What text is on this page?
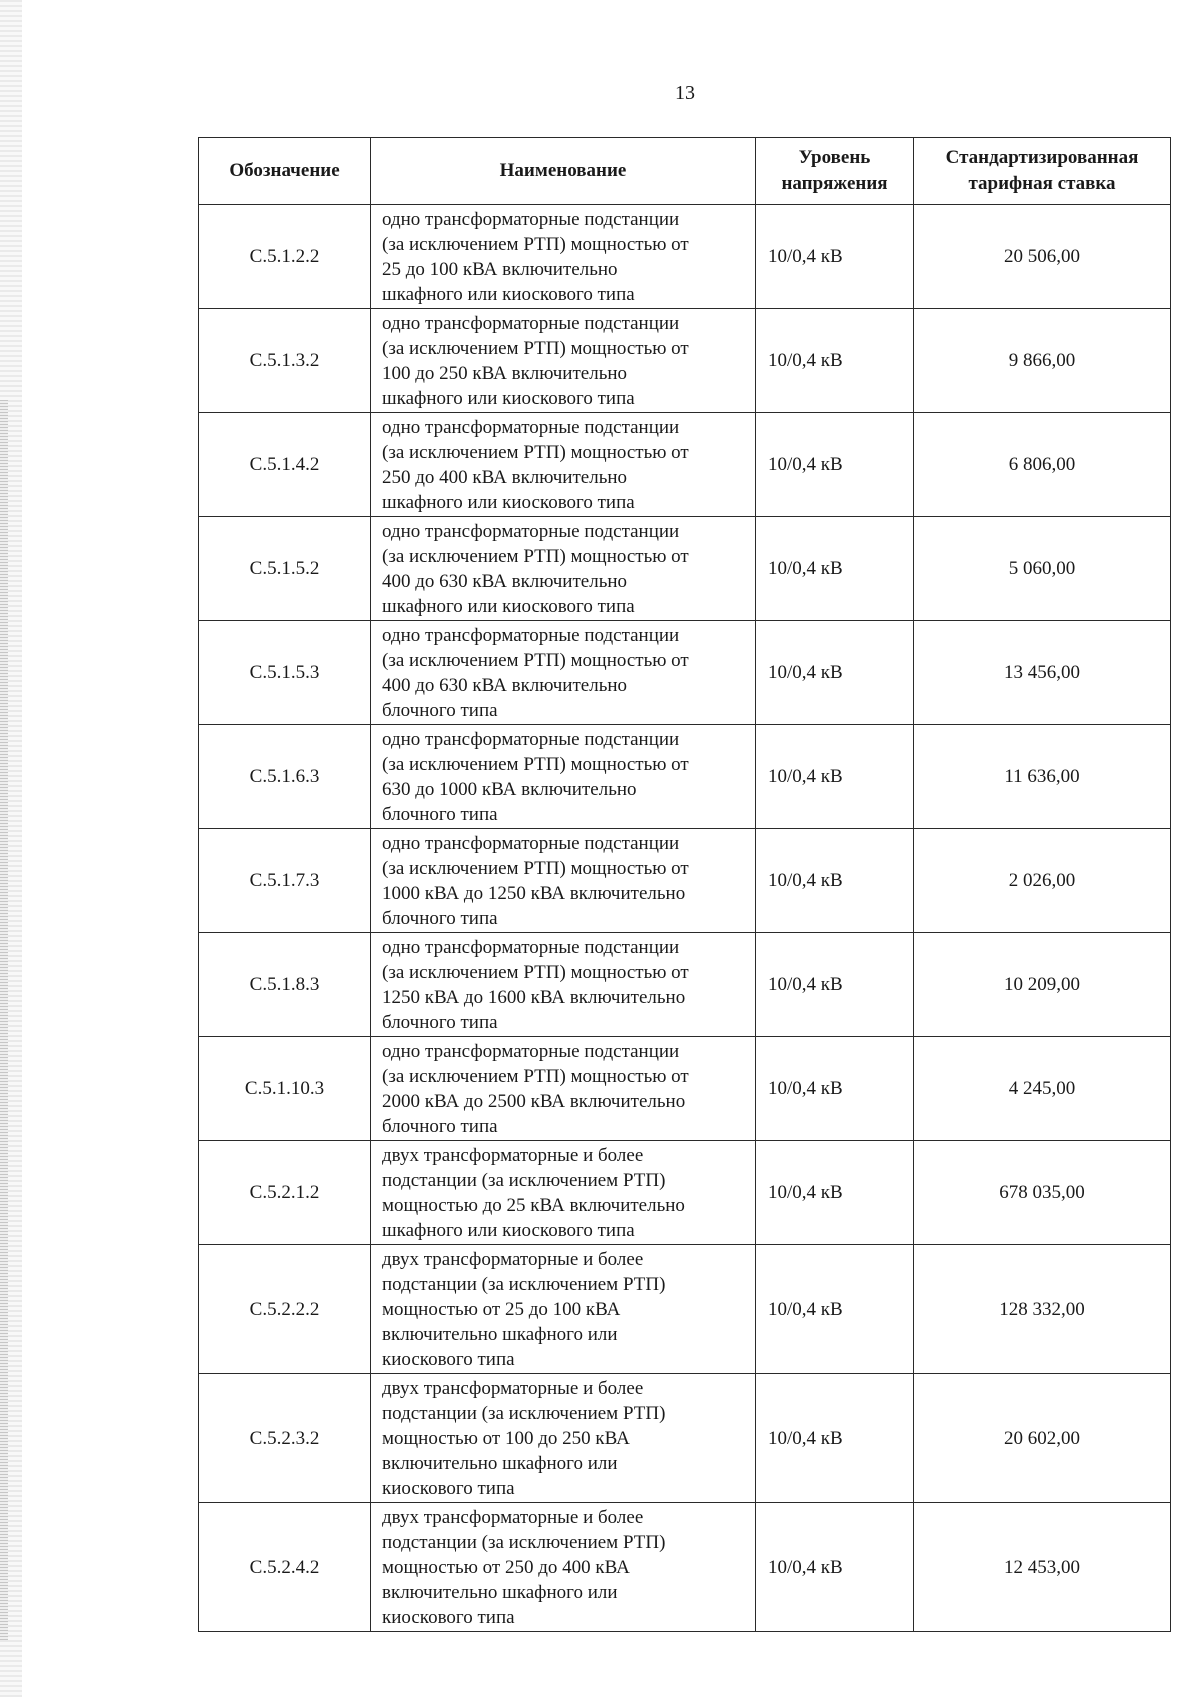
13
Обозначение	Наименование	Уровень напряжения	Стандартизированная тарифная ставка
С.5.1.2.2	одно трансформаторные подстанции
(за исключением РТП) мощностью от
25 до 100 кВА включительно
шкафного или киоскового типа	10/0,4 кВ	20 506,00
С.5.1.3.2	одно трансформаторные подстанции
(за исключением РТП) мощностью от
100 до 250 кВА включительно
шкафного или киоскового типа	10/0,4 кВ	9 866,00
С.5.1.4.2	одно трансформаторные подстанции
(за исключением РТП) мощностью от
250 до 400 кВА включительно
шкафного или киоскового типа	10/0,4 кВ	6 806,00
С.5.1.5.2	одно трансформаторные подстанции
(за исключением РТП) мощностью от
400 до 630 кВА включительно
шкафного или киоскового типа	10/0,4 кВ	5 060,00
С.5.1.5.3	одно трансформаторные подстанции
(за исключением РТП) мощностью от
400 до 630 кВА включительно
блочного типа	10/0,4 кВ	13 456,00
С.5.1.6.3	одно трансформаторные подстанции
(за исключением РТП) мощностью от
630 до 1000 кВА включительно
блочного типа	10/0,4 кВ	11 636,00
С.5.1.7.3	одно трансформаторные подстанции
(за исключением РТП) мощностью от
1000 кВА до 1250 кВА включительно
блочного типа	10/0,4 кВ	2 026,00
С.5.1.8.3	одно трансформаторные подстанции
(за исключением РТП) мощностью от
1250 кВА до 1600 кВА включительно
блочного типа	10/0,4 кВ	10 209,00
С.5.1.10.3	одно трансформаторные подстанции
(за исключением РТП) мощностью от
2000 кВА до 2500 кВА включительно
блочного типа	10/0,4 кВ	4 245,00
С.5.2.1.2	двух трансформаторные и более
подстанции (за исключением РТП)
мощностью до 25 кВА включительно
шкафного или киоскового типа	10/0,4 кВ	678 035,00
С.5.2.2.2	двух трансформаторные и более
подстанции (за исключением РТП)
мощностью от 25 до 100 кВА
включительно шкафного или
киоскового типа	10/0,4 кВ	128 332,00
С.5.2.3.2	двух трансформаторные и более
подстанции (за исключением РТП)
мощностью от 100 до 250 кВА
включительно шкафного или
киоскового типа	10/0,4 кВ	20 602,00
С.5.2.4.2	двух трансформаторные и более
подстанции (за исключением РТП)
мощностью от 250 до 400 кВА
включительно шкафного или
киоскового типа	10/0,4 кВ	12 453,00
